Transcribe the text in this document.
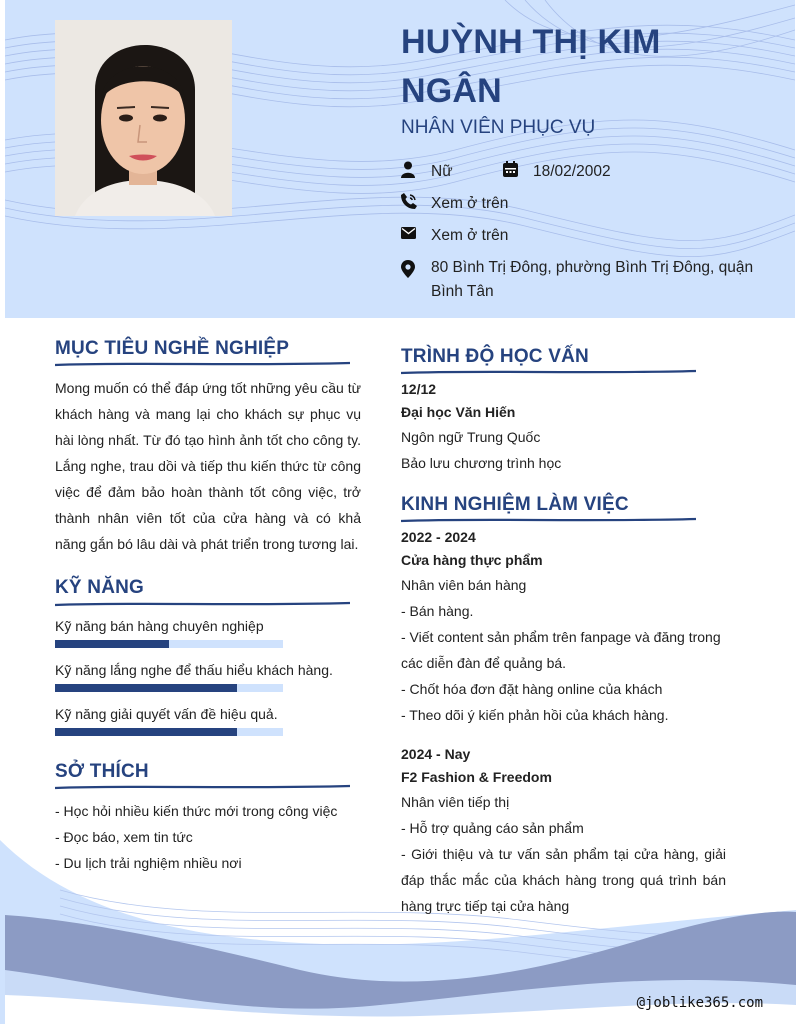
HUỲNH THỊ KIM NGÂN
NHÂN VIÊN PHỤC VỤ
Nữ	18/02/2002
Xem ở trên
Xem ở trên
80 Bình Trị Đông, phường Bình Trị Đông, quận Bình Tân
MỤC TIÊU NGHỀ NGHIỆP
Mong muốn có thể đáp ứng tốt những yêu cầu từ khách hàng và mang lại cho khách sự phục vụ hài lòng nhất. Từ đó tạo hình ảnh tốt cho công ty. Lắng nghe, trau dồi và tiếp thu kiến thức từ công việc để đảm bảo hoàn thành tốt công việc, trở thành nhân viên tốt của cửa hàng và có khả năng gắn bó lâu dài và phát triển trong tương lai.
KỸ NĂNG
Kỹ năng bán hàng chuyên nghiệp
Kỹ năng lắng nghe để thấu hiểu khách hàng.
Kỹ năng giải quyết vấn đề hiệu quả.
SỞ THÍCH
- Học hỏi nhiều kiến thức mới trong công việc
- Đọc báo, xem tin tức
- Du lịch trải nghiệm nhiều nơi
TRÌNH ĐỘ HỌC VẤN
12/12
Đại học Văn Hiến
Ngôn ngữ Trung Quốc
Bảo lưu chương trình học
KINH NGHIỆM LÀM VIỆC
2022 - 2024
Cửa hàng thực phẩm
Nhân viên bán hàng
- Bán hàng.
- Viết content sản phẩm trên fanpage và đăng trong các diễn đàn để quảng bá.
- Chốt hóa đơn đặt hàng online của khách
- Theo dõi ý kiến phản hồi của khách hàng.
2024 - Nay
F2 Fashion & Freedom
Nhân viên tiếp thị
- Hỗ trợ quảng cáo sản phẩm
- Giới thiệu và tư vấn sản phẩm tại cửa hàng, giải đáp thắc mắc của khách hàng trong quá trình bán hàng trực tiếp tại cửa hàng
@joblike365.com
